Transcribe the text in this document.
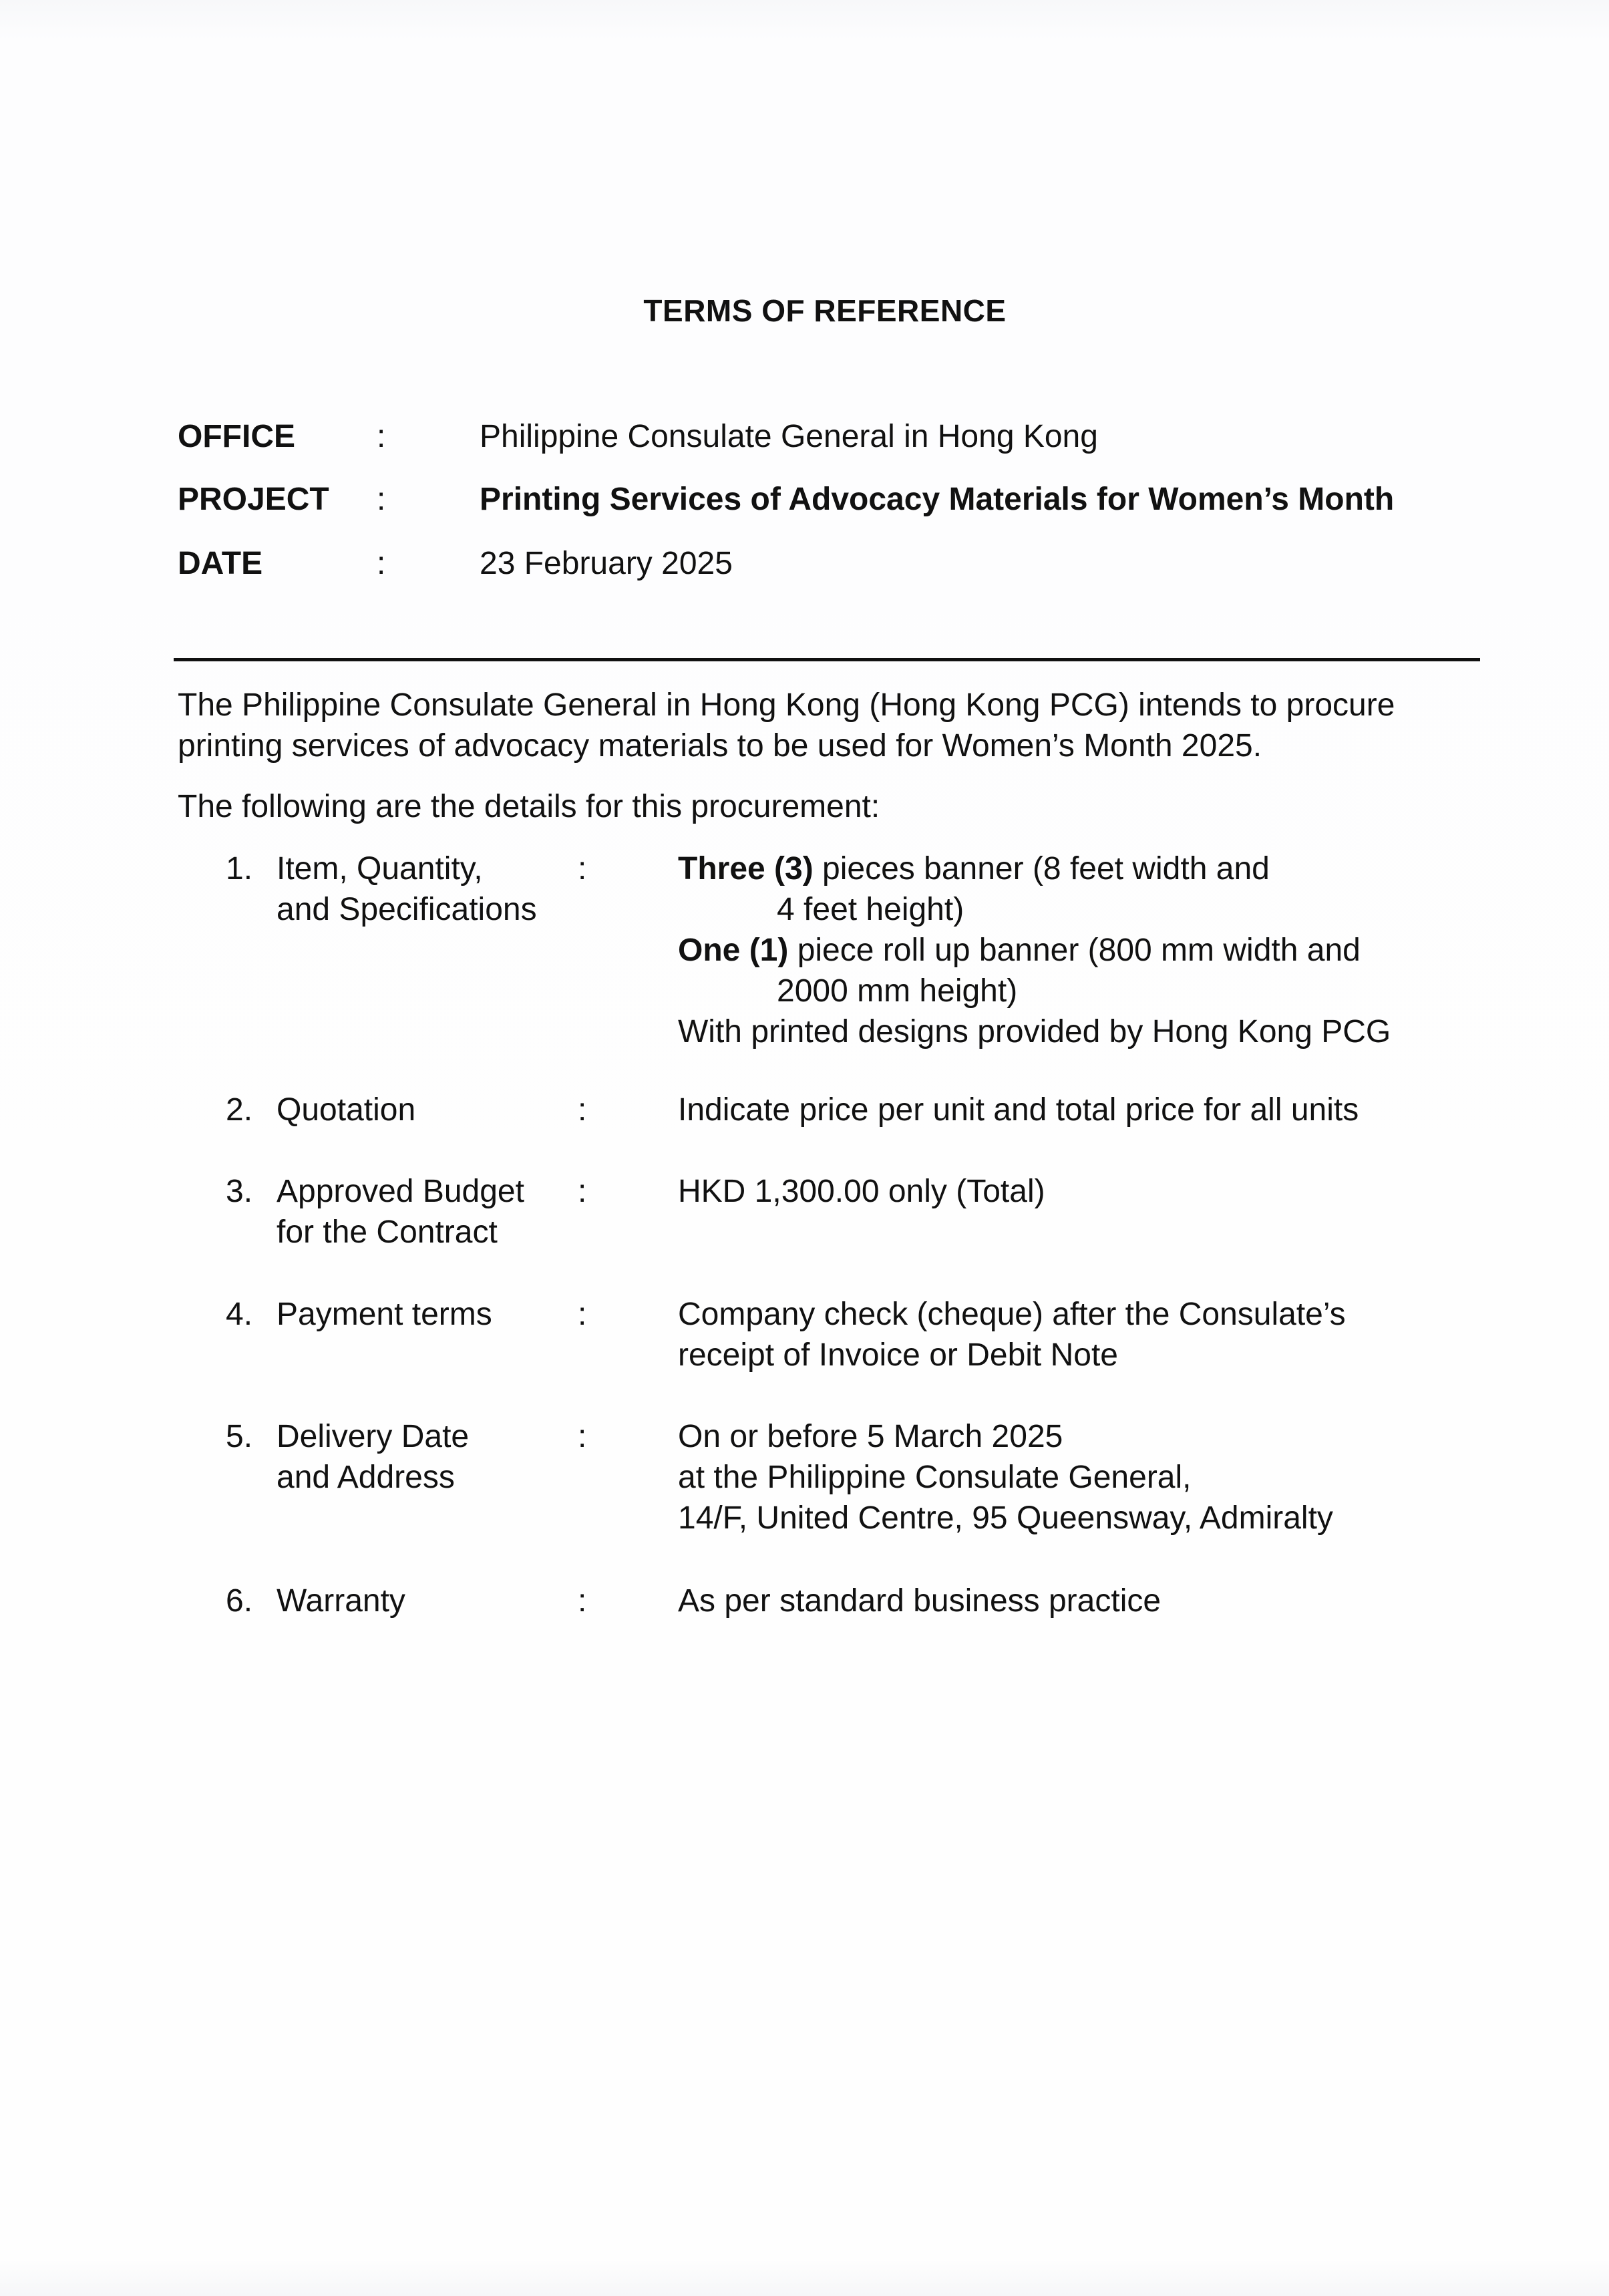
TERMS OF REFERENCE
OFFICE	:	Philippine Consulate General in Hong Kong
PROJECT	:	Printing Services of Advocacy Materials for Women’s Month
DATE	:	23 February 2025
The Philippine Consulate General in Hong Kong (Hong Kong PCG) intends to procure
printing services of advocacy materials to be used for Women’s Month 2025.
The following are the details for this procurement:
1. Item, Quantity,
and Specifications
:	Three (3) pieces banner (8 feet width and
4 feet height)
One (1) piece roll up banner (800 mm width and
2000 mm height)
With printed designs provided by Hong Kong PCG
2. Quotation	:	Indicate price per unit and total price for all units
3. Approved Budget
for the Contract
:	HKD 1,300.00 only (Total)
4. Payment terms	:	Company check (cheque) after the Consulate’s
receipt of Invoice or Debit Note
5. Delivery Date
and Address
:	On or before 5 March 2025
at the Philippine Consulate General,
14/F, United Centre, 95 Queensway, Admiralty
6. Warranty	:	As per standard business practice
